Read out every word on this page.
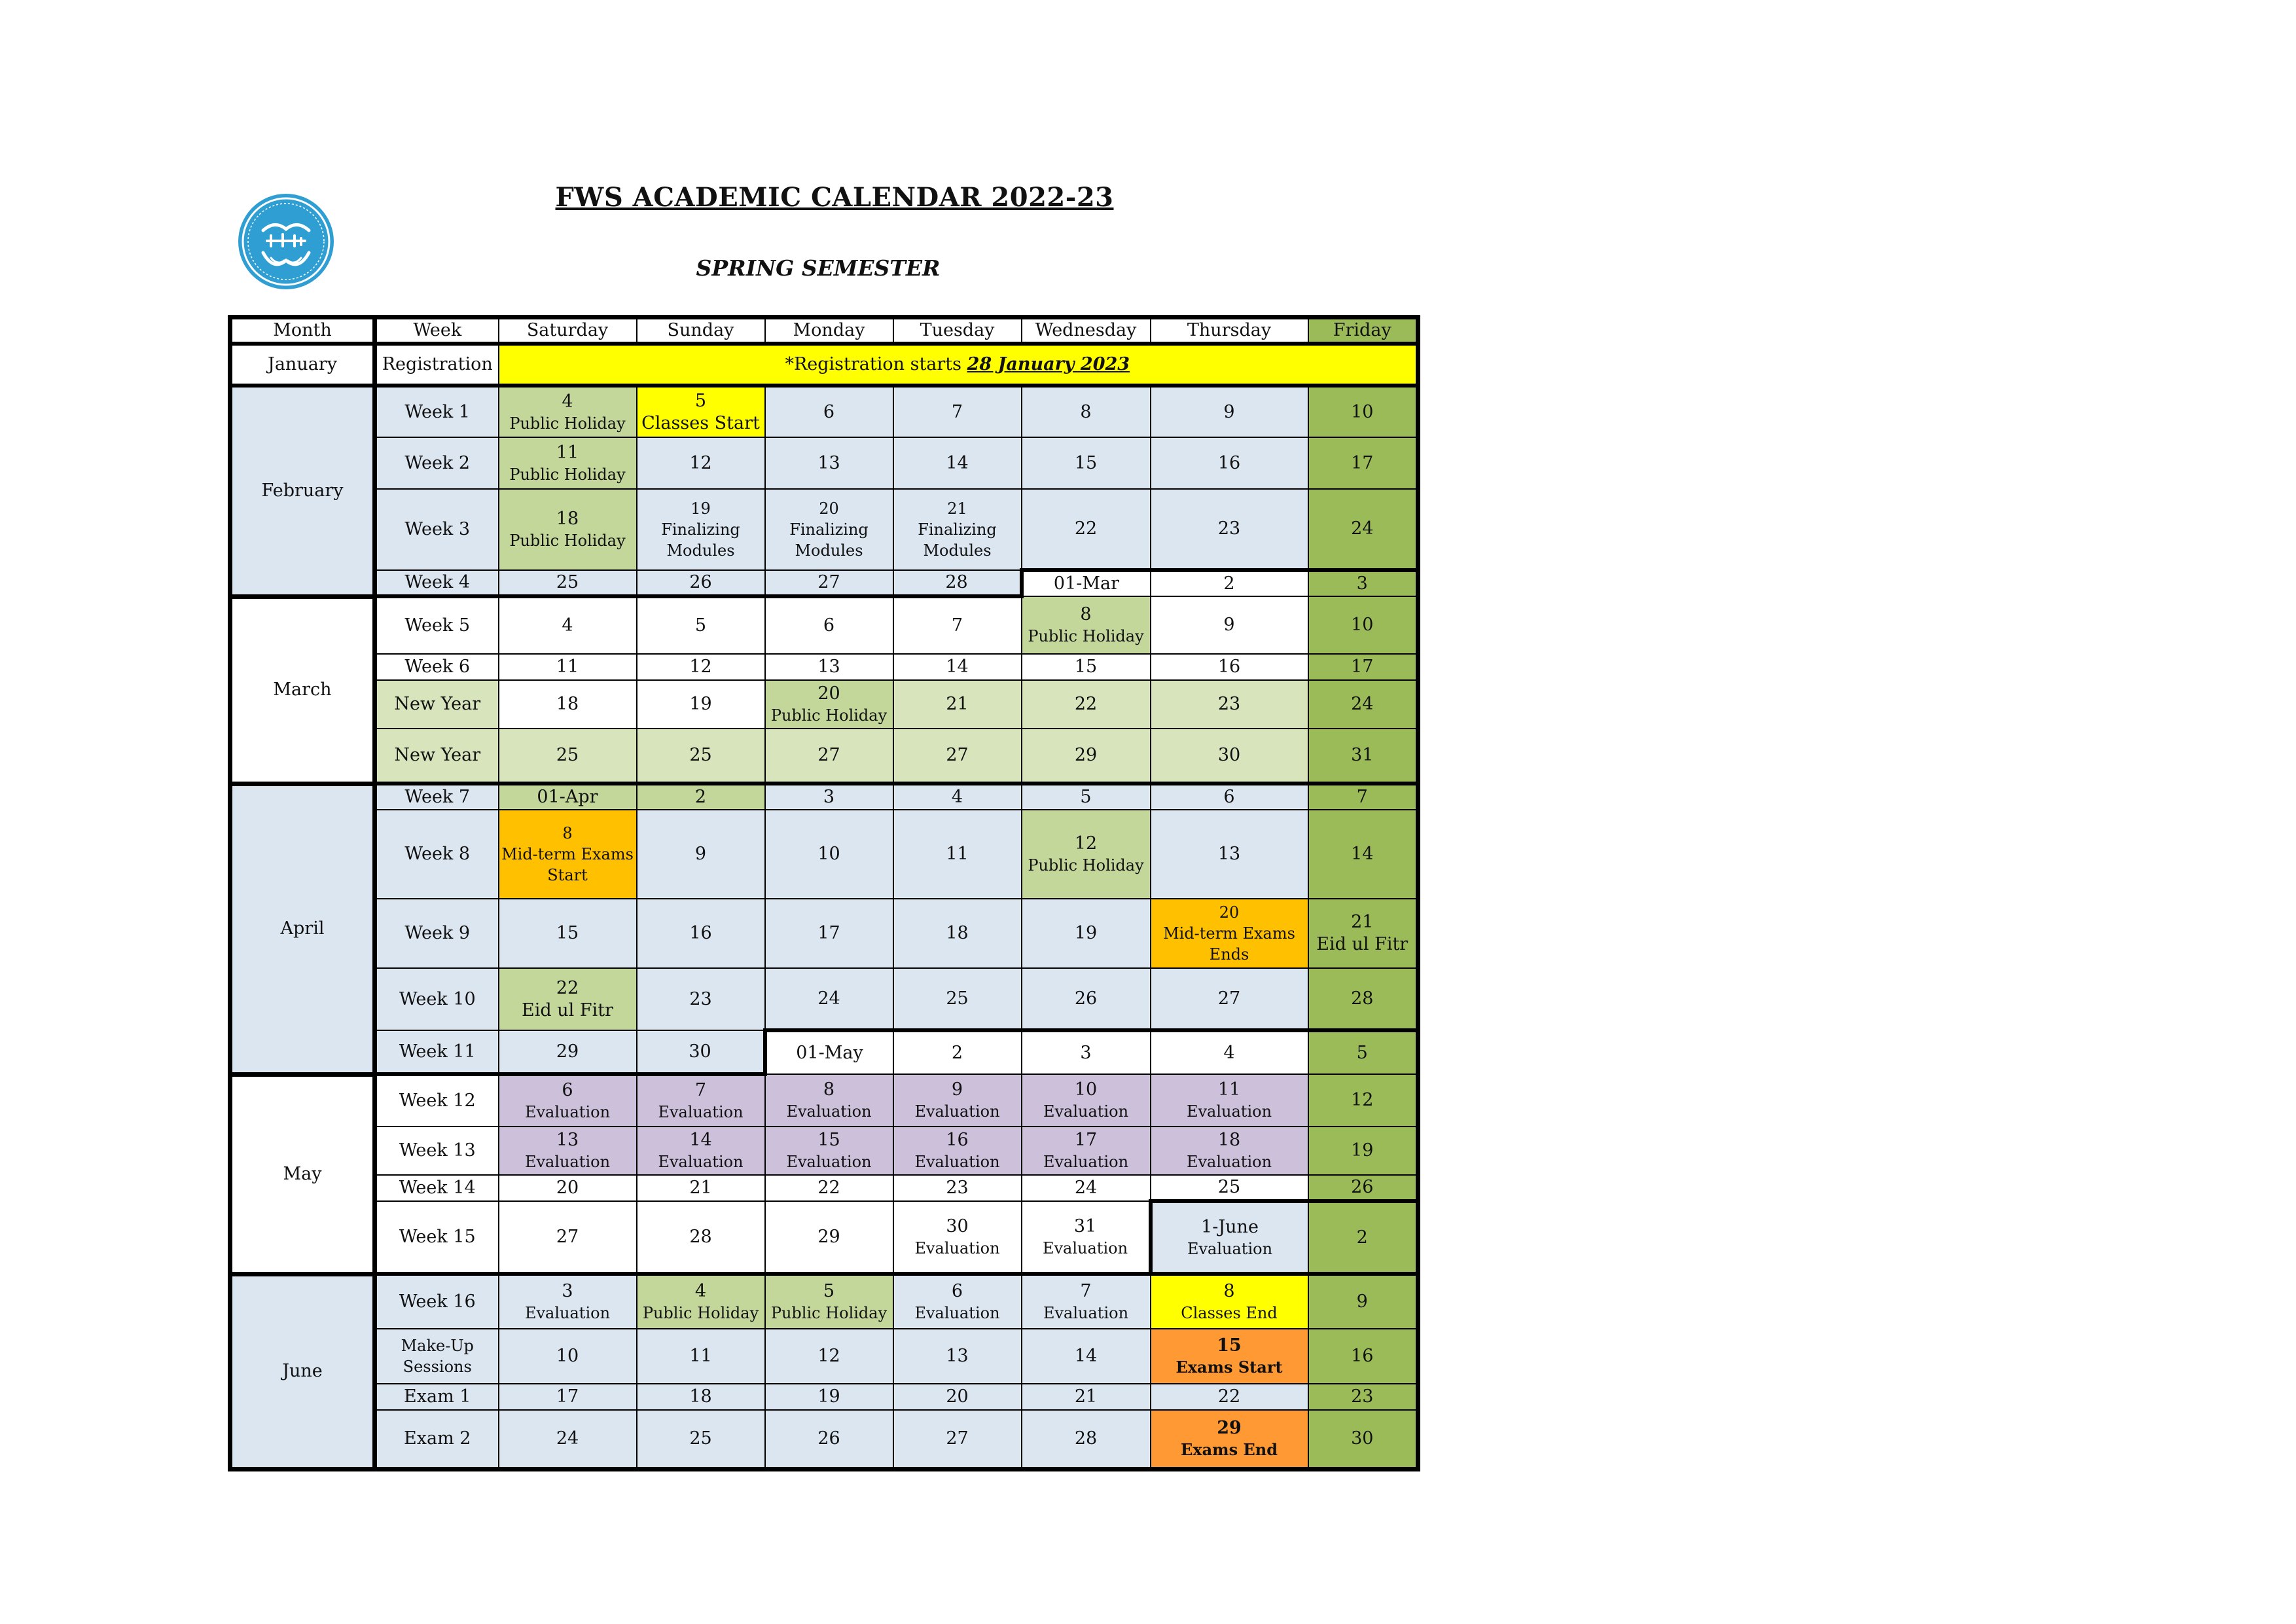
FWS ACADEMIC CALENDAR 2022-23
SPRING SEMESTER
Month	Week	Saturday	Sunday	Monday	Tuesday	Wednesday	Thursday	Friday
January	Registration	*Registration starts 28 January 2023						
February	Week 1	4
Public Holiday	5
Classes Start	6	7	8	9	10

	Week 2	11
Public Holiday	12	13	14	15	16	17

	Week 3	18
Public Holiday	19
Finalizing
Modules	20
Finalizing
Modules	21
Finalizing
Modules	22	23	24

	Week 4	25	26	27	28	01-Mar	2	3

March	Week 5	4	5	6	7	8
Public Holiday	9	10

	Week 6	11	12	13	14	15	16	17

	New Year	18	19	20
Public Holiday	21	22	23	24

	New Year	25	25	27	27	29	30	31

April	Week 7	01-Apr	2	3	4	5	6	7

	Week 8	8
Mid-term Exams
Start	9	10	11	12
Public Holiday	13	14

	Week 9	15	16	17	18	19	20
Mid-term Exams
Ends	21
Eid ul Fitr

	Week 10	22
Eid ul Fitr	23	24	25	26	27	28

	Week 11	29	30	01-May	2	3	4	5

May	Week 12	6
Evaluation	7
Evaluation	8
Evaluation	9
Evaluation	10
Evaluation	11
Evaluation	12

	Week 13	13
Evaluation	14
Evaluation	15
Evaluation	16
Evaluation	17
Evaluation	18
Evaluation	19

	Week 14	20	21	22	23	24	25	26

	Week 15	27	28	29	30
Evaluation	31
Evaluation	1-June
Evaluation	2

June	Week 16	3
Evaluation	4
Public Holiday	5
Public Holiday	6
Evaluation	7
Evaluation	8
Classes End	9

	Make-Up
Sessions	10	11	12	13	14	15
Exams Start	16

	Exam 1	17	18	19	20	21	22	23

	Exam 2	24	25	26	27	28	29
Exams End	30
